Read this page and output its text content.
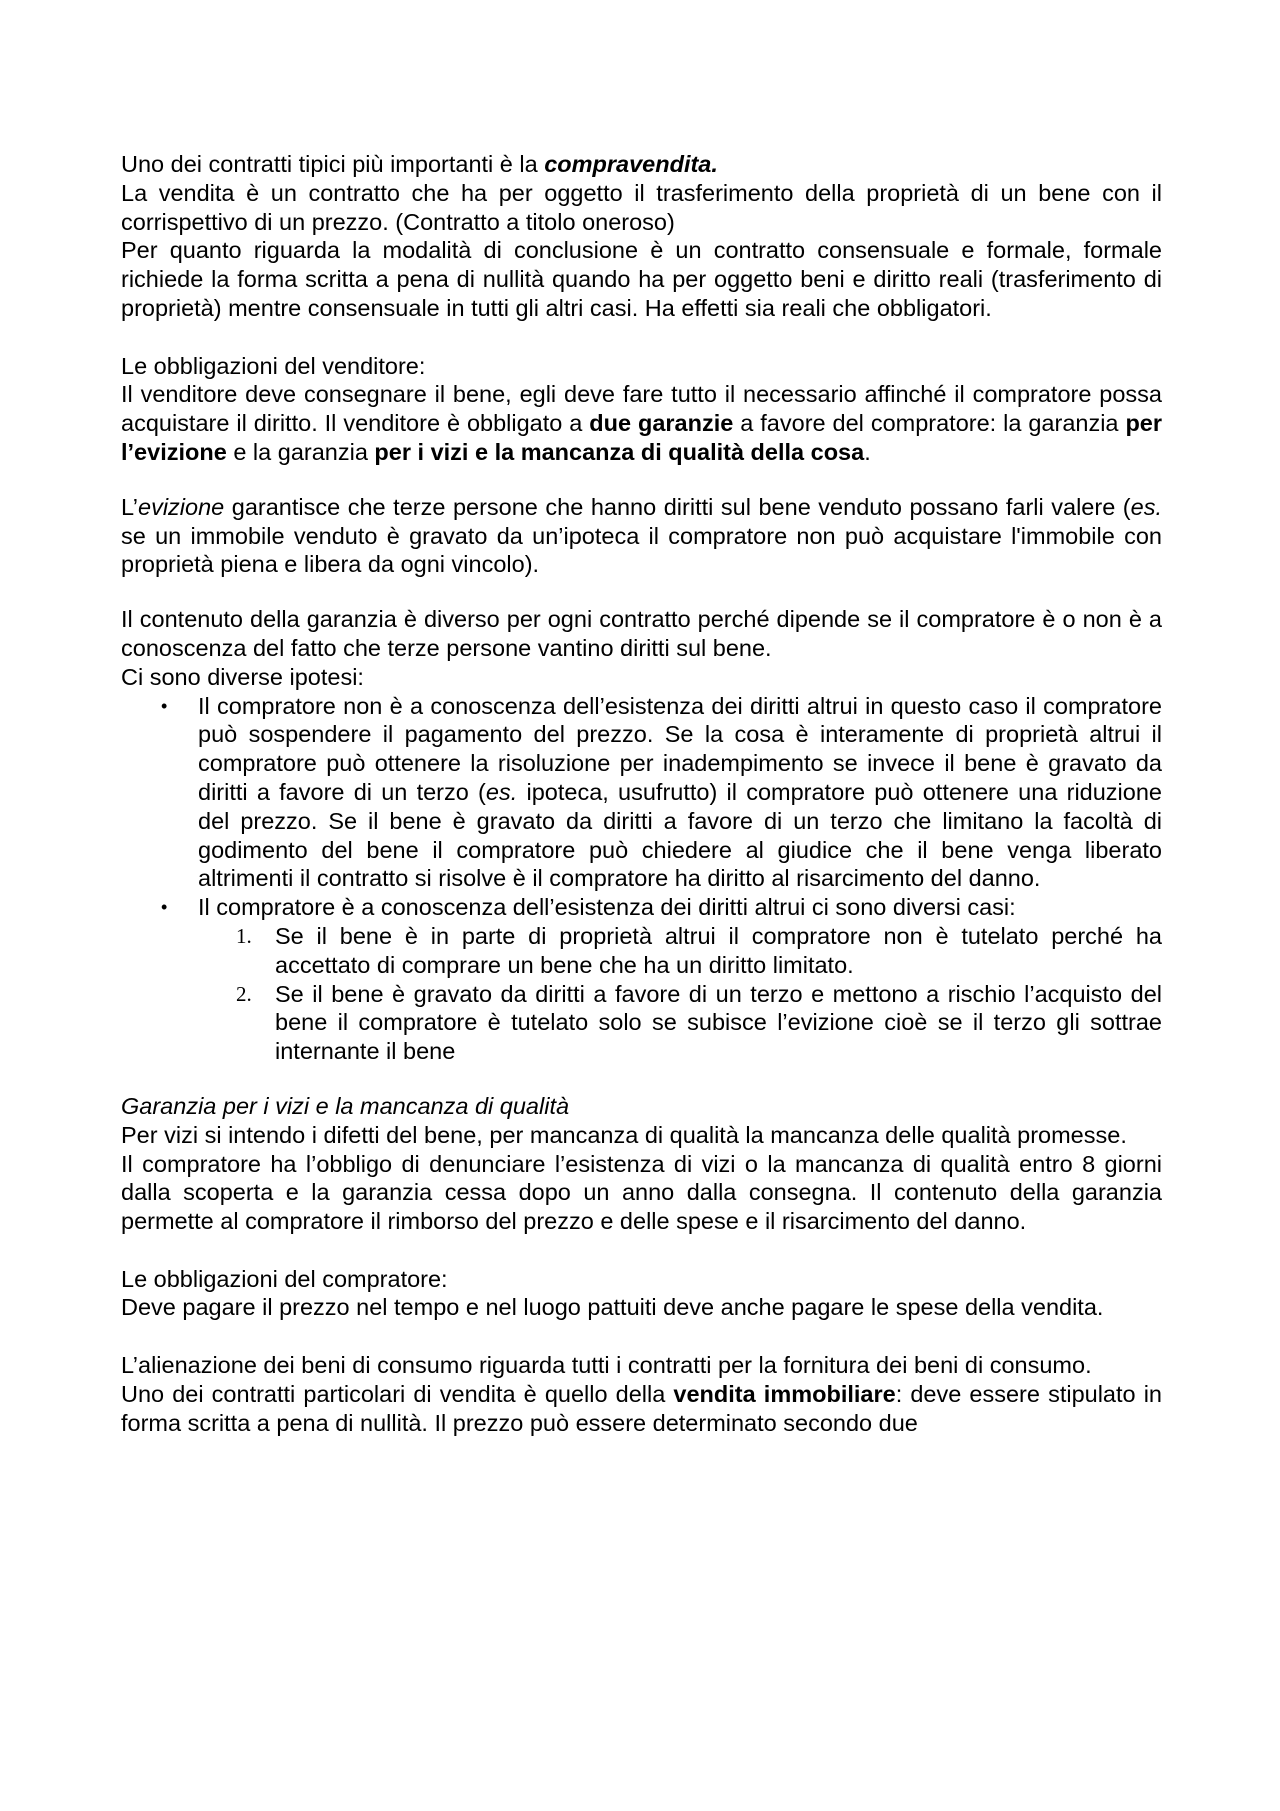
Uno dei contratti tipici più importanti è la compravendita.

La vendita è un contratto che ha per oggetto il trasferimento della proprietà di un bene con il corrispettivo di un prezzo. (Contratto a titolo oneroso)

Per quanto riguarda la modalità di conclusione è un contratto consensuale e formale, formale richiede la forma scritta a pena di nullità quando ha per oggetto beni e diritto reali (trasferimento di proprietà) mentre consensuale in tutti gli altri casi. Ha effetti sia reali che obbligatori.

Le obbligazioni del venditore:

Il venditore deve consegnare il bene, egli deve fare tutto il necessario affinché il compratore possa acquistare il diritto. Il venditore è obbligato a due garanzie a favore del compratore: la garanzia per l’evizione e la garanzia per i vizi e la mancanza di qualità della cosa.

L’evizione garantisce che terze persone che hanno diritti sul bene venduto possano farli valere (es. se un immobile venduto è gravato da un’ipoteca il compratore non può acquistare l'immobile con proprietà piena e libera da ogni vincolo).

Il contenuto della garanzia è diverso per ogni contratto perché dipende se il compratore è o non è a conoscenza del fatto che terze persone vantino diritti sul bene.

Ci sono diverse ipotesi:

• Il compratore non è a conoscenza dell’esistenza dei diritti altrui in questo caso il compratore può sospendere il pagamento del prezzo. Se la cosa è interamente di proprietà altrui il compratore può ottenere la risoluzione per inadempimento se invece il bene è gravato da diritti a favore di un terzo (es. ipoteca, usufrutto) il compratore può ottenere una riduzione del prezzo. Se il bene è gravato da diritti a favore di un terzo che limitano la facoltà di godimento del bene il compratore può chiedere al giudice che il bene venga liberato altrimenti il contratto si risolve è il compratore ha diritto al risarcimento del danno.
• Il compratore è a conoscenza dell’esistenza dei diritti altrui ci sono diversi casi:
1. Se il bene è in parte di proprietà altrui il compratore non è tutelato perché ha accettato di comprare un bene che ha un diritto limitato.
2. Se il bene è gravato da diritti a favore di un terzo e mettono a rischio l’acquisto del bene il compratore è tutelato solo se subisce l’evizione cioè se il terzo gli sottrae internante il bene

Garanzia per i vizi e la mancanza di qualità

Per vizi si intendo i difetti del bene, per mancanza di qualità la mancanza delle qualità promesse.

Il compratore ha l’obbligo di denunciare l’esistenza di vizi o la mancanza di qualità entro 8 giorni dalla scoperta e la garanzia cessa dopo un anno dalla consegna. Il contenuto della garanzia permette al compratore il rimborso del prezzo e delle spese e il risarcimento del danno.

Le obbligazioni del compratore:

Deve pagare il prezzo nel tempo e nel luogo pattuiti deve anche pagare le spese della vendita.

L’alienazione dei beni di consumo riguarda tutti i contratti per la fornitura dei beni di consumo.

Uno dei contratti particolari di vendita è quello della vendita immobiliare: deve essere stipulato in forma scritta a pena di nullità. Il prezzo può essere determinato secondo due
